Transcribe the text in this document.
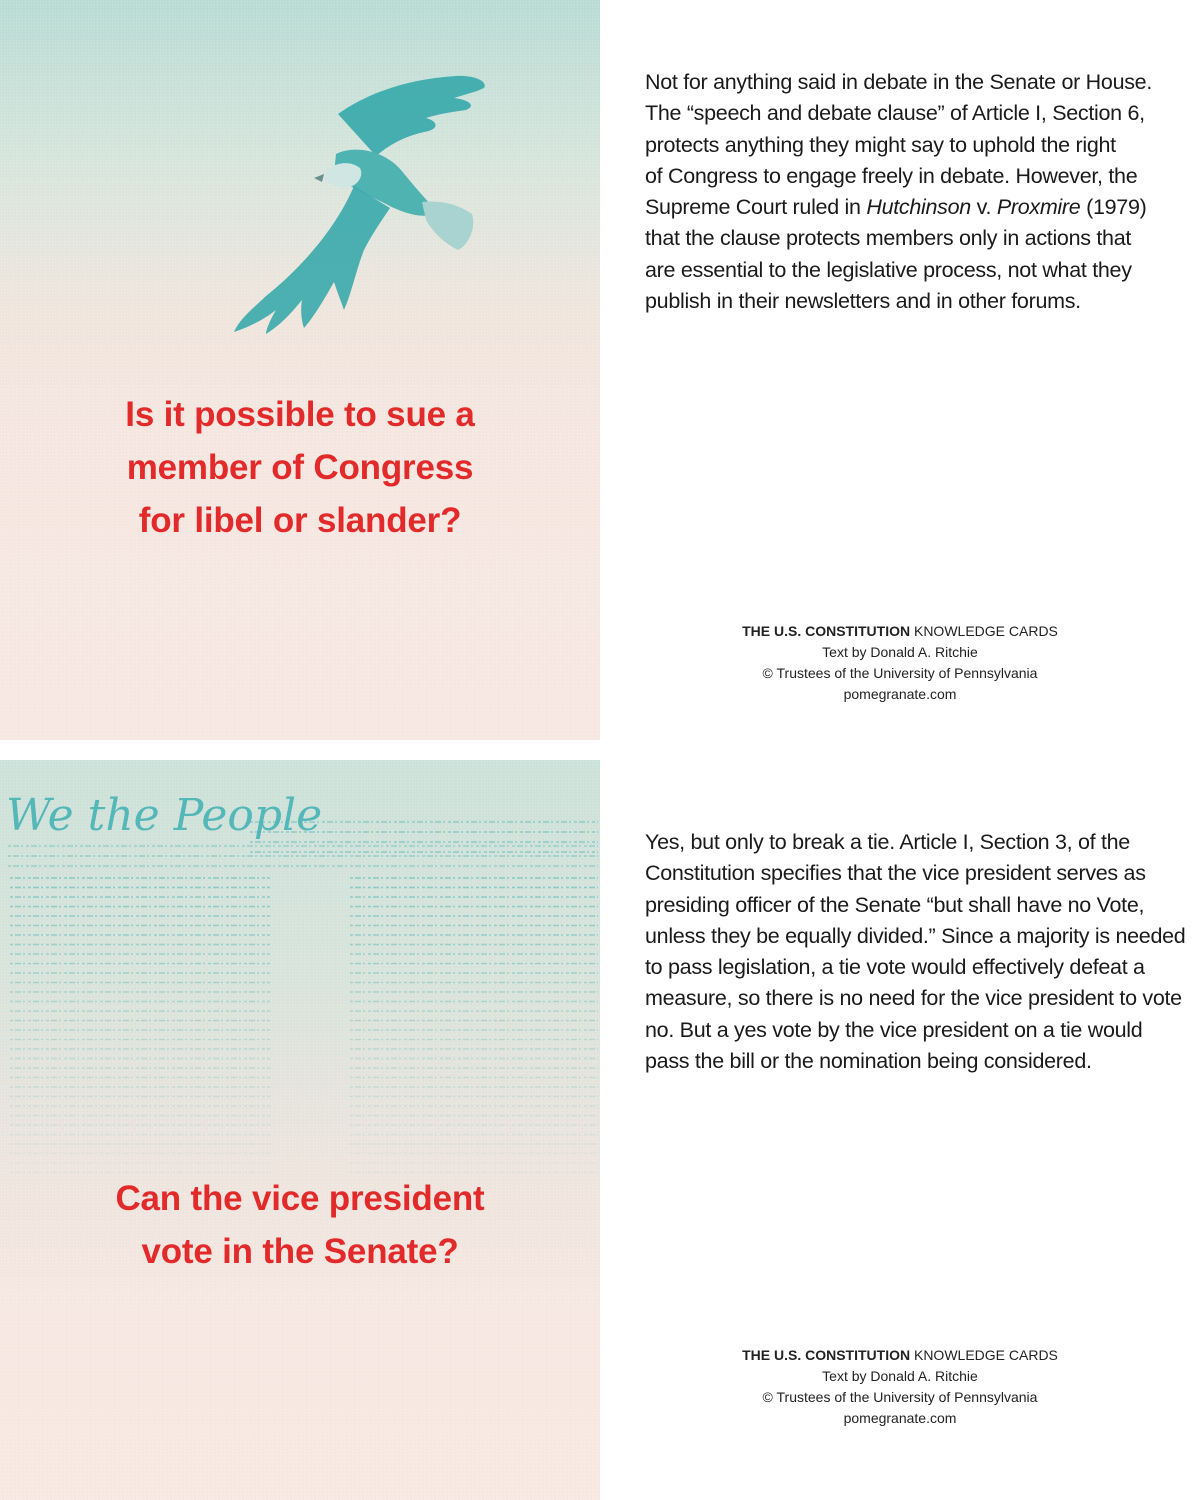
Is it possible to sue a
member of Congress
for libel or slander?
Not for anything said in debate in the Senate or House.
The “speech and debate clause” of Article I, Section 6,
protects anything they might say to uphold the right
of Congress to engage freely in debate. However, the
Supreme Court ruled in Hutchinson v. Proxmire (1979)
that the clause protects members only in actions that
are essential to the legislative process, not what they
publish in their newsletters and in other forums.
THE U.S. CONSTITUTION KNOWLEDGE CARDS
Text by Donald A. Ritchie
© Trustees of the University of Pennsylvania
pomegranate.com
We the People
Can the vice president
vote in the Senate?
Yes, but only to break a tie. Article I, Section 3, of the
Constitution specifies that the vice president serves as
presiding officer of the Senate “but shall have no Vote,
unless they be equally divided.” Since a majority is needed
to pass legislation, a tie vote would effectively defeat a
measure, so there is no need for the vice president to vote
no. But a yes vote by the vice president on a tie would
pass the bill or the nomination being considered.
THE U.S. CONSTITUTION KNOWLEDGE CARDS
Text by Donald A. Ritchie
© Trustees of the University of Pennsylvania
pomegranate.com
